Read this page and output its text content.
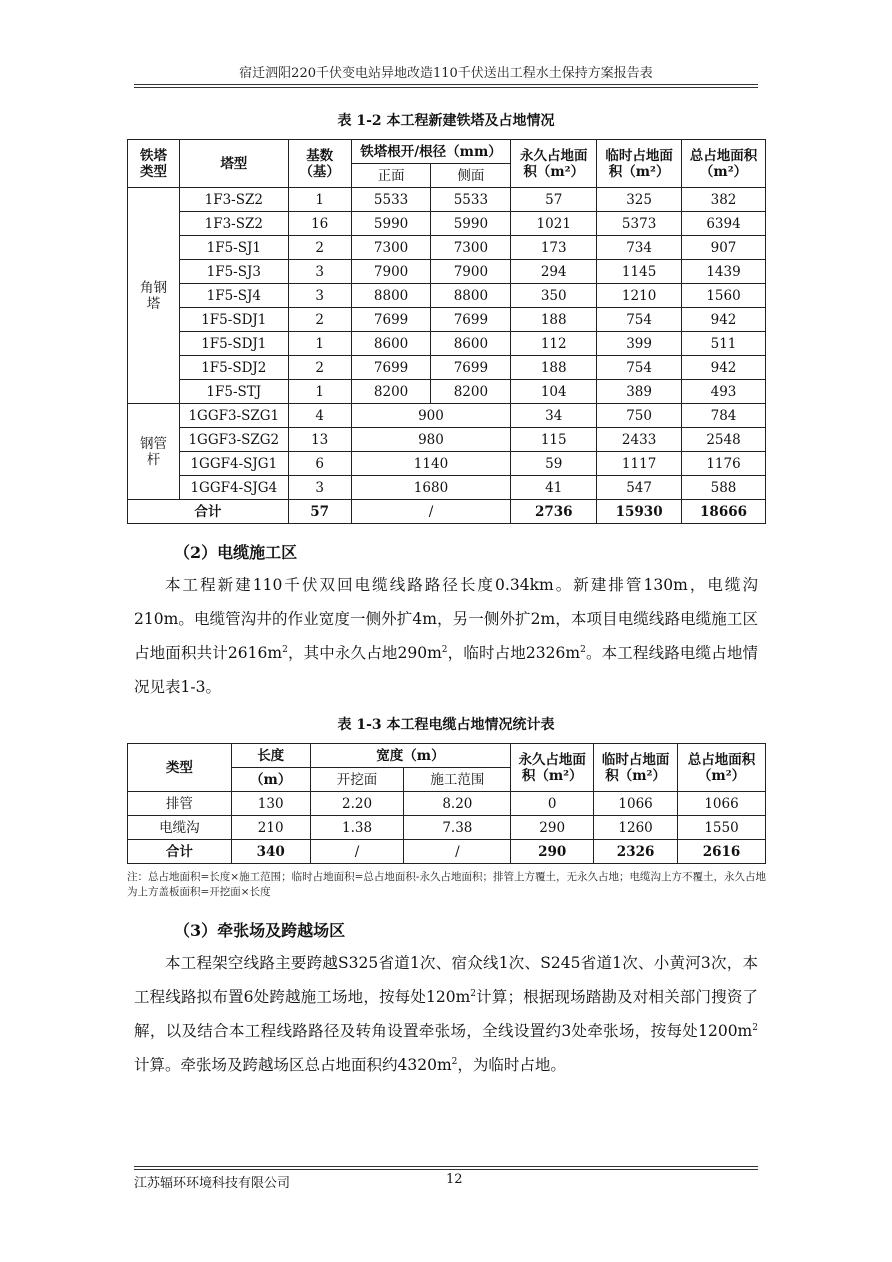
宿迁泗阳220千伏变电站异地改造110千伏送出工程水土保持方案报告表
表 1-2 本工程新建铁塔及占地情况
铁塔类型	塔型	基数（基）	铁塔根开/根径（mm）		永久占地面积（m²）	临时占地面积（m²）	总占地面积（m²）
			正面	侧面			
角钢塔	1F3-SZ2	1	5533	5533	57	325	382
	1F3-SZ2	16	5990	5990	1021	5373	6394
	1F5-SJ1	2	7300	7300	173	734	907
	1F5-SJ3	3	7900	7900	294	1145	1439
	1F5-SJ4	3	8800	8800	350	1210	1560
	1F5-SDJ1	2	7699	7699	188	754	942
	1F5-SDJ1	1	8600	8600	112	399	511
	1F5-SDJ2	2	7699	7699	188	754	942
	1F5-STJ	1	8200	8200	104	389	493
钢管杆	1GGF3-SZG1	4	900		34	750	784
	1GGF3-SZG2	13	980		115	2433	2548
	1GGF4-SJG1	6	1140		59	1117	1176
	1GGF4-SJG4	3	1680		41	547	588
合计		57	/		2736	15930	18666
（2）电缆施工区
本工程新建110千伏双回电缆线路路径长度0.34km。新建排管130m，电缆沟210m。电缆管沟井的作业宽度一侧外扩4m，另一侧外扩2m，本项目电缆线路电缆施工区占地面积共计$2616m^2$，其中永久占地$290m^2$，临时占地$2326m^2$。本工程线路电缆占地情况见表1-3。
表 1-3 本工程电缆占地情况统计表
类型	长度	宽度（m）		永久占地面积（m²）	临时占地面积（m²）	总占地面积（m²）
	（m）	开挖面	施工范围			
排管	130	2.20	8.20	0	1066	1066
电缆沟	210	1.38	7.38	290	1260	1550
合计	340	/	/	290	2326	2616
注：总占地面积=长度×施工范围；临时占地面积=总占地面积-永久占地面积；排管上方覆土，无永久占地；电缆沟上方不覆土，永久占地为上方盖板面积=开挖面×长度
（3）牵张场及跨越场区
本工程架空线路主要跨越S325省道1次、宿众线1次、S245省道1次、小黄河3次，本工程线路拟布置6处跨越施工场地，按每处$120m^2$计算；根据现场踏勘及对相关部门搜资了解，以及结合本工程线路路径及转角设置牵张场，全线设置约3处牵张场，按每处$1200m^2$计算。牵张场及跨越场区总占地面积约$4320m^2$，为临时占地。
江苏辐环环境科技有限公司	12
